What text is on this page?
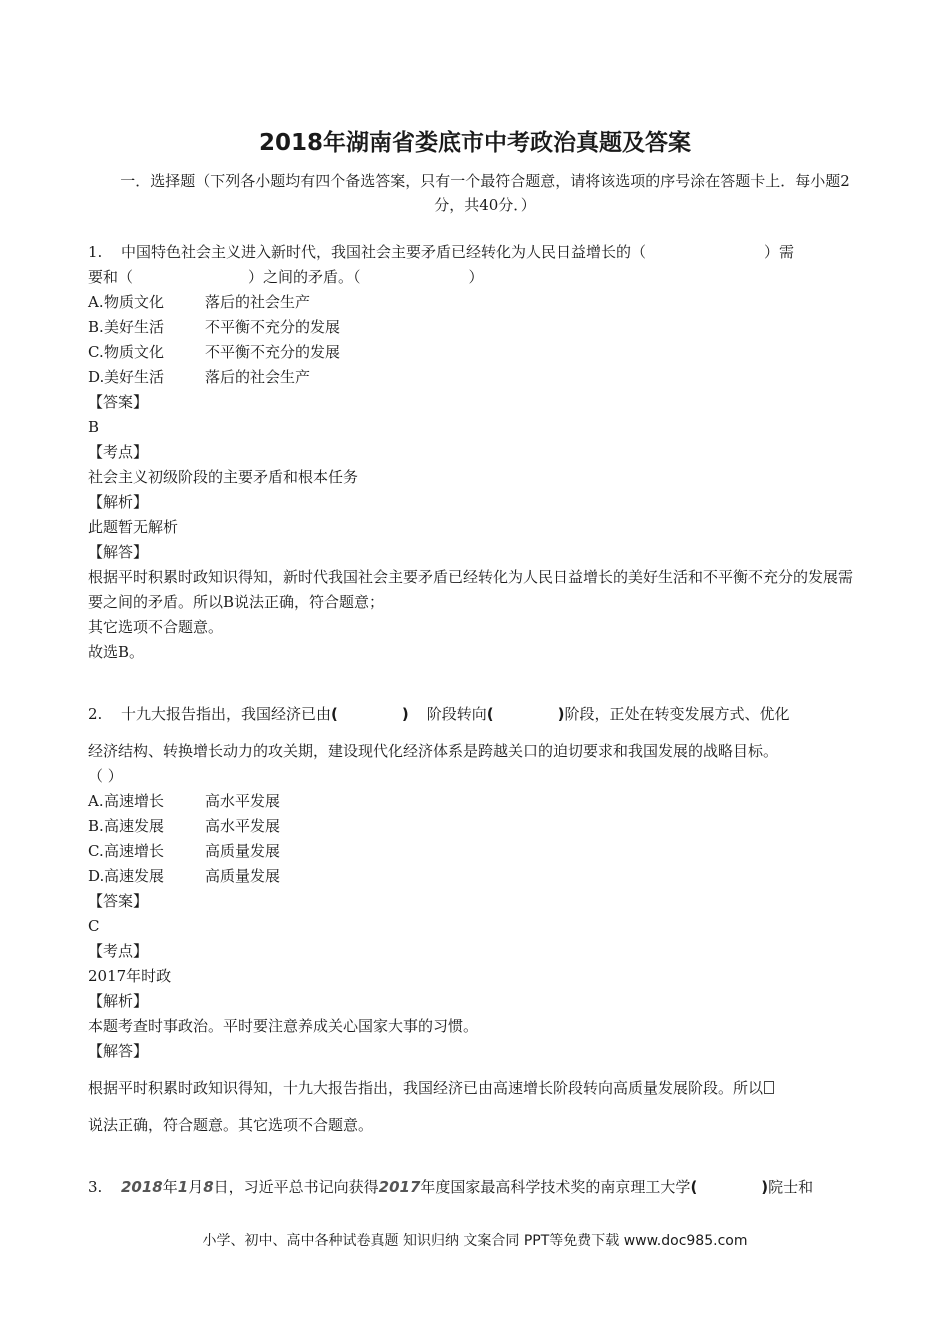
2018年湖南省娄底市中考政治真题及答案

一．选择题（下列各小题均有四个备选答案，只有一个最符合题意，请将该选项的序号涂在答题卡上．每小题2分，共40分．）

1. 中国特色社会主义进入新时代，我国社会主要矛盾已经转化为人民日益增长的（	）需
要和（	）之间的矛盾。（	）
A.物质文化	落后的社会生产
B.美好生活	不平衡不充分的发展
C.物质文化	不平衡不充分的发展
D.美好生活	落后的社会生产
【答案】
B
【考点】
社会主义初级阶段的主要矛盾和根本任务
【解析】
此题暂无解析
【解答】
根据平时积累时政知识得知，新时代我国社会主要矛盾已经转化为人民日益增长的美好生活和不平衡不充分的发展需要之间的矛盾。所以B说法正确，符合题意；
其它选项不合题意。
故选B。
2. 十九大报告指出，我国经济已由(	) 阶段转向(	)阶段，正处在转变发展方式、优化
经济结构、转换增长动力的攻关期，建设现代化经济体系是跨越关口的迫切要求和我国发展的战略目标。
（ ）
A.高速增长	高水平发展
B.高速发展	高水平发展
C.高速增长	高质量发展
D.高速发展	高质量发展
【答案】
C
【考点】
2017年时政
【解析】
本题考查时事政治。平时要注意养成关心国家大事的习惯。
【解答】
根据平时积累时政知识得知，十九大报告指出，我国经济已由高速增长阶段转向高质量发展阶段。所以
说法正确，符合题意。其它选项不合题意。
3. 2018年1月8日，习近平总书记向获得2017年度国家最高科学技术奖的南京理工大学(	)院士和

小学、初中、高中各种试卷真题 知识归纳 文案合同 PPT等免费下载 www.doc985.com
